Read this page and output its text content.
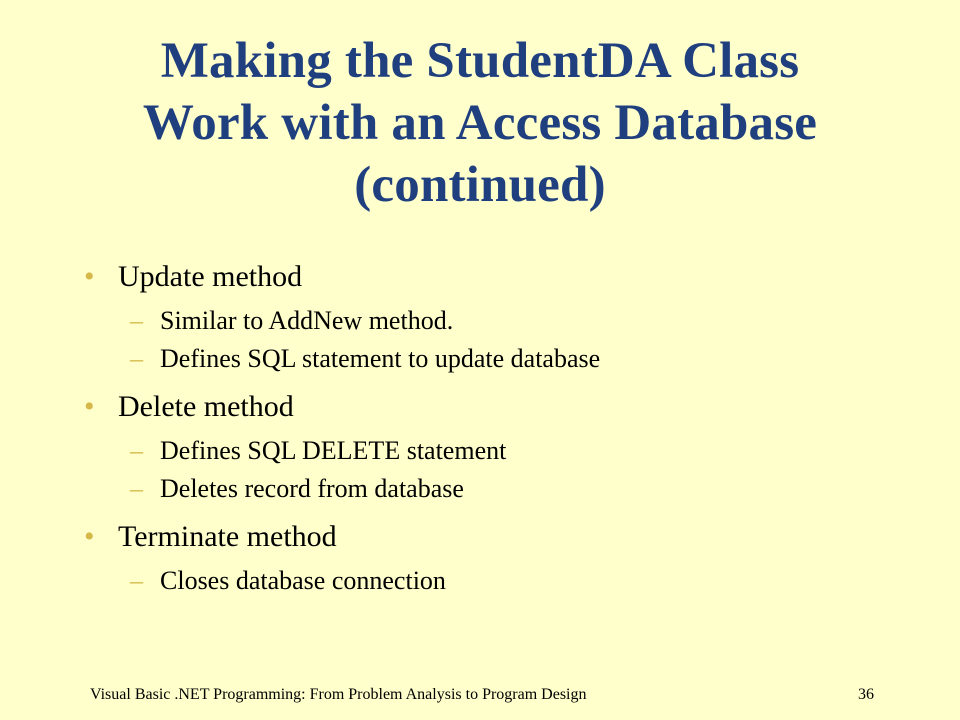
Making the StudentDA Class
Work with an Access Database
(continued)
• Update method
– Similar to AddNew method.
– Defines SQL statement to update database
• Delete method
– Defines SQL DELETE statement
– Deletes record from database
• Terminate method
– Closes database connection
Visual Basic .NET Programming: From Problem Analysis to Program Design	36
